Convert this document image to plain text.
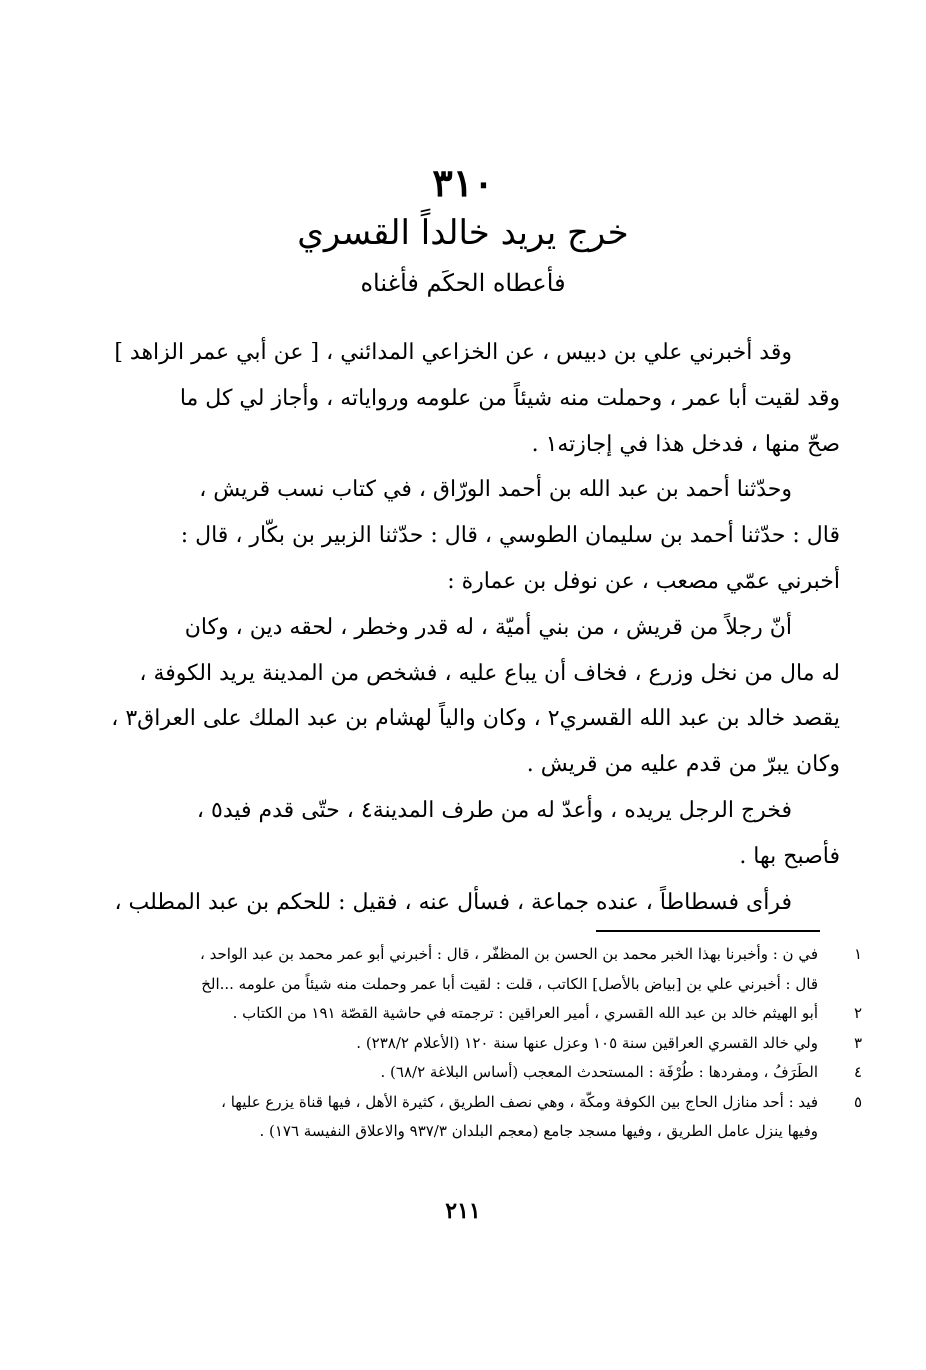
٣١٠
خرج يريد خالداً القسري
فأعطاه الحكَم فأغناه
وقد أخبرني علي بن دبيس ، عن الخزاعي المدائني ، [ عن أبي عمر الزاهد ]
وقد لقيت أبا عمر ، وحملت منه شيئاً من علومه ورواياته ، وأجاز لي كل ما
صحّ منها ، فدخل هذا في إجازته١ .
وحدّثنا أحمد بن عبد الله بن أحمد الورّاق ، في كتاب نسب قريش ،
قال : حدّثنا أحمد بن سليمان الطوسي ، قال : حدّثنا الزبير بن بكّار ، قال :
أخبرني عمّي مصعب ، عن نوفل بن عمارة :
أنّ رجلاً من قريش ، من بني أميّة ، له قدر وخطر ، لحقه دين ، وكان
له مال من نخل وزرع ، فخاف أن يباع عليه ، فشخص من المدينة يريد الكوفة ،
يقصد خالد بن عبد الله القسري٢ ، وكان والياً لهشام بن عبد الملك على العراق٣ ،
وكان يبرّ من قدم عليه من قريش .
فخرج الرجل يريده ، وأعدّ له من طرف المدينة٤ ، حتّى قدم فيد٥ ،
فأصبح بها .
فرأى فسطاطاً ، عنده جماعة ، فسأل عنه ، فقيل : للحكم بن عبد المطلب ،
١
في ن : وأخبرنا بهذا الخبر محمد بن الحسن بن المظفّر ، قال : أخبرني أبو عمر محمد بن عبد الواحد ،
قال : أخبرني علي بن [بياض بالأصل] الكاتب ، قلت : لقيت أبا عمر وحملت منه شيئاً من علومه ...الخ
٢
أبو الهيثم خالد بن عبد الله القسري ، أمير العراقين : ترجمته في حاشية القصّة ١٩١ من الكتاب .
٣
ولي خالد القسري العراقين سنة ١٠٥ وعزل عنها سنة ١٢٠ (الأعلام ٢٣٨/٢) .
٤
الطَرَفُ ، ومفردها : طُرْفَة : المستحدث المعجب (أساس البلاغة ٦٨/٢) .
٥
فيد : أحد منازل الحاج بين الكوفة ومكّة ، وهي نصف الطريق ، كثيرة الأهل ، فيها قناة يزرع عليها ،
وفيها ينزل عامل الطريق ، وفيها مسجد جامع (معجم البلدان ٩٣٧/٣ والاعلاق النفيسة ١٧٦) .
٢١١
